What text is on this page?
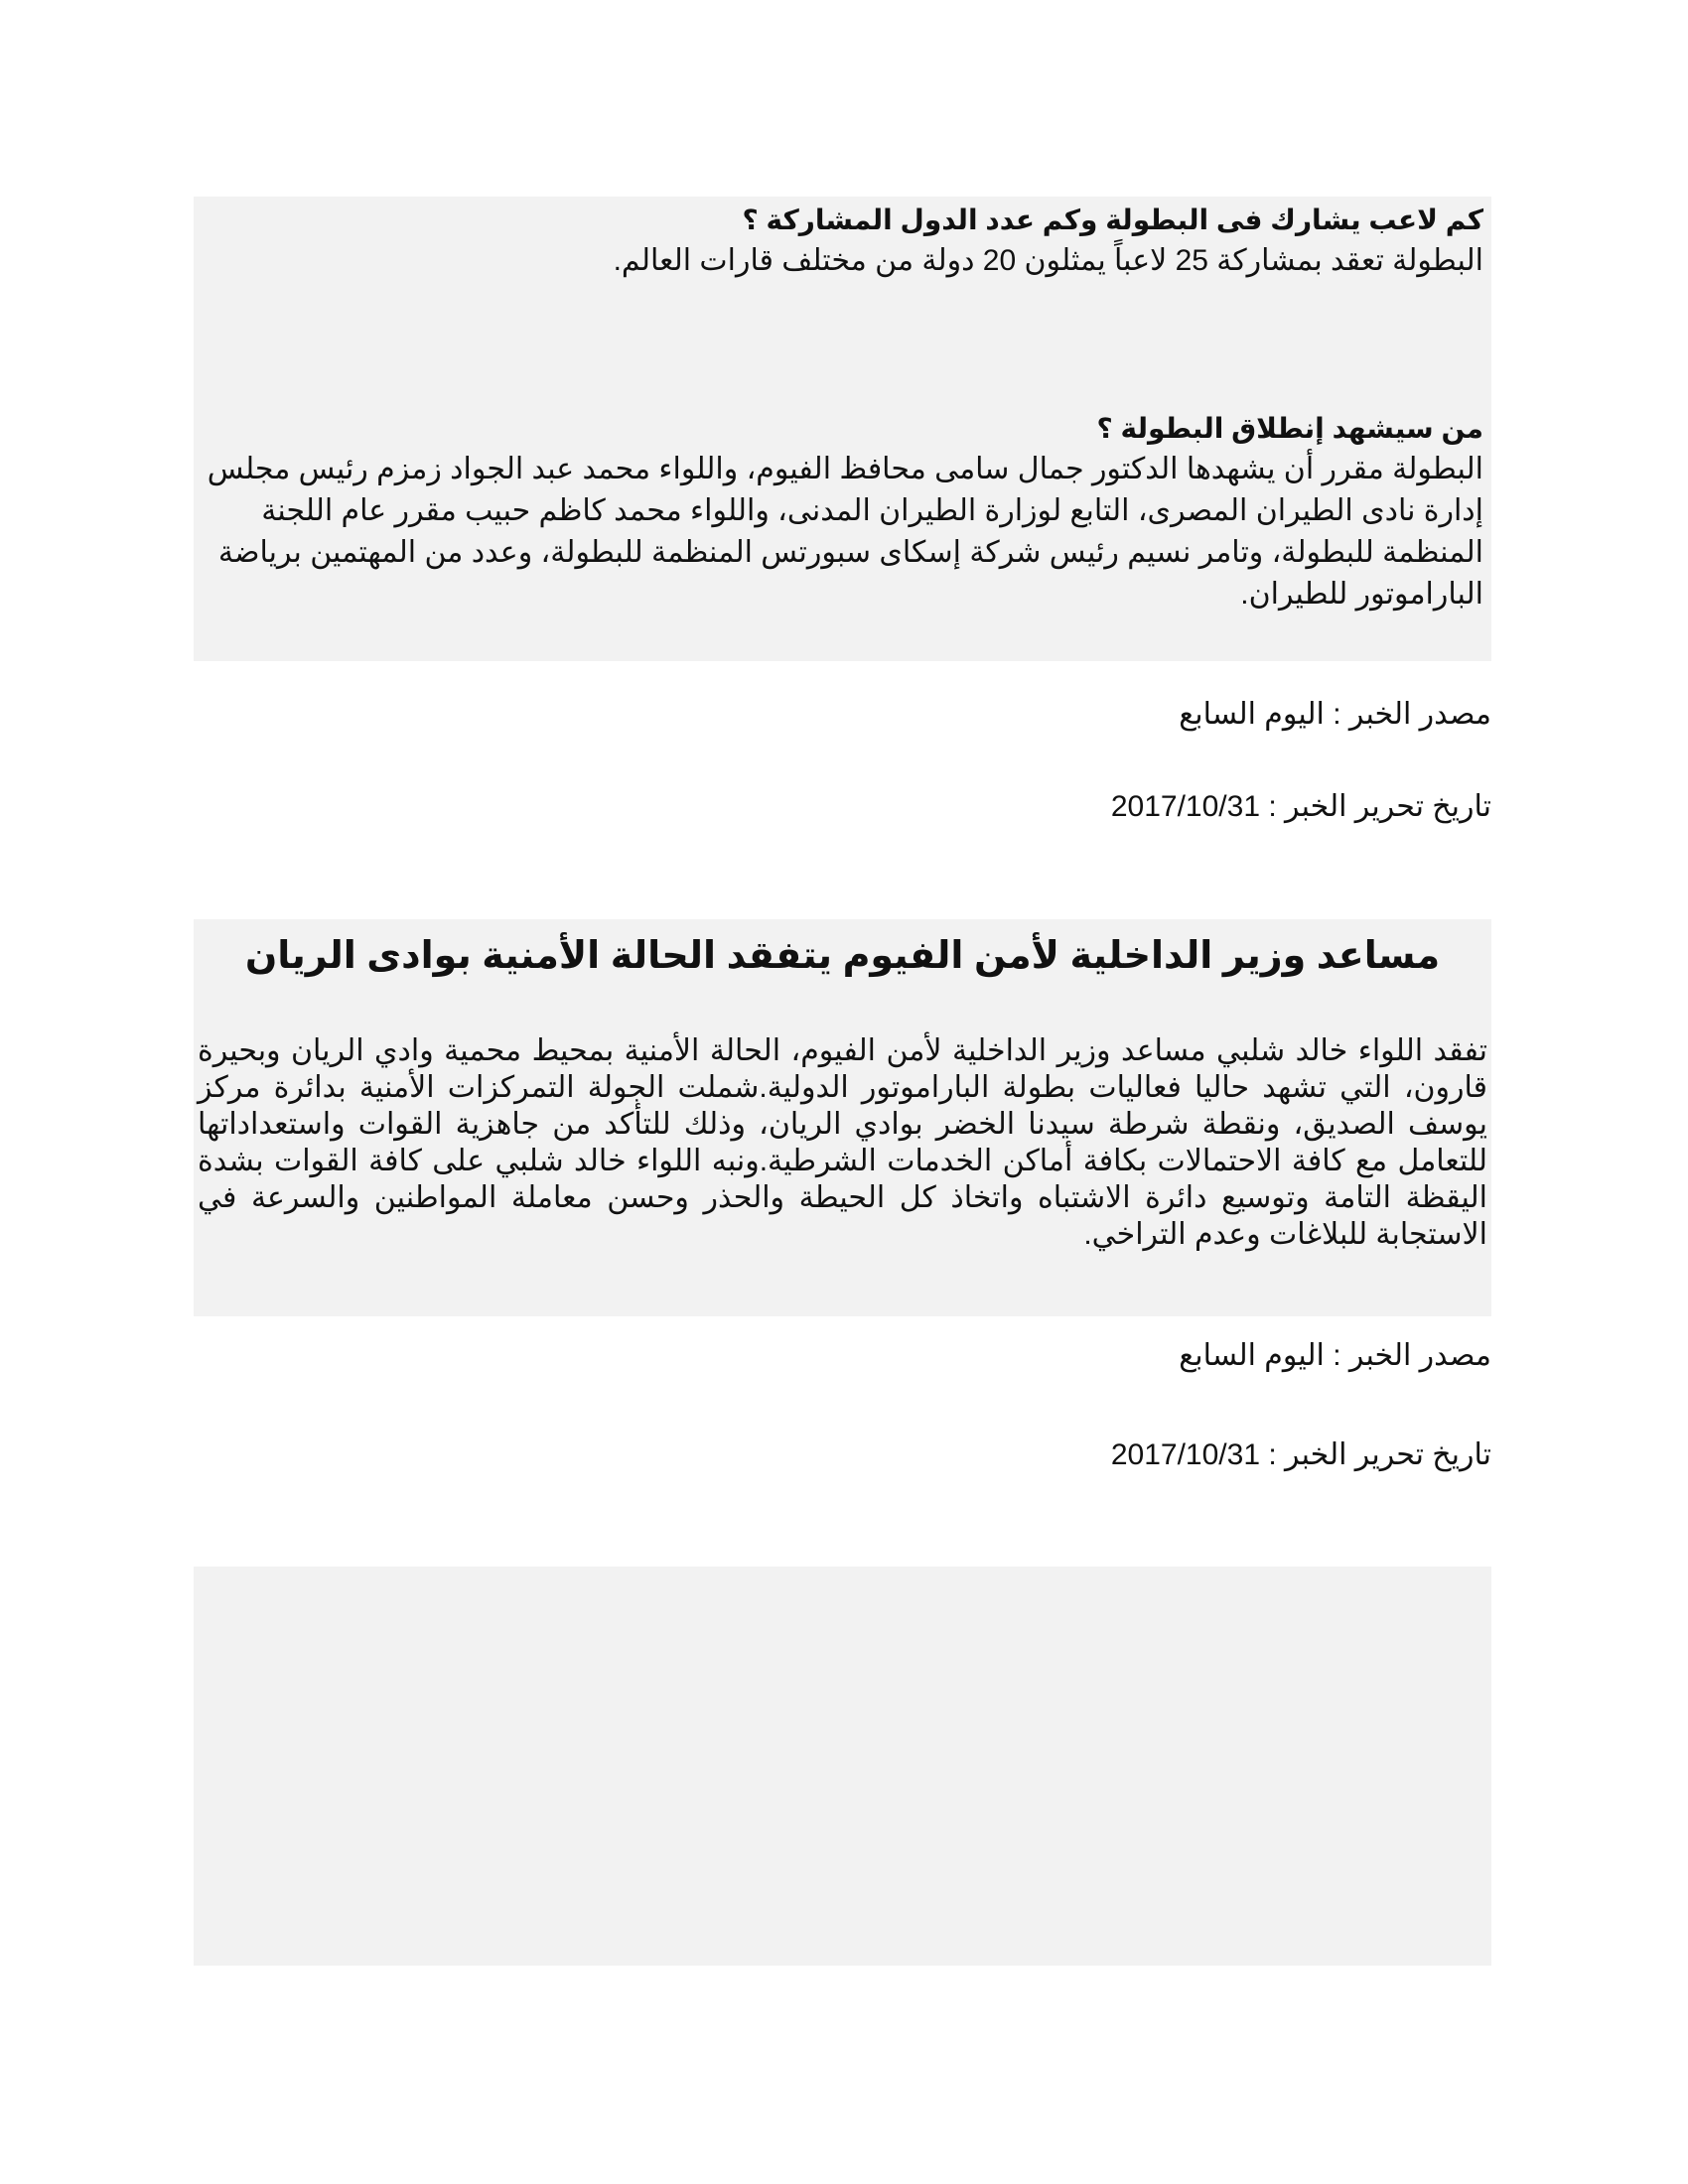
كم لاعب يشارك فى البطولة وكم عدد الدول المشاركة ؟

البطولة تعقد بمشاركة 25 لاعباً يمثلون 20 دولة من مختلف قارات العالم.

من سيشهد إنطلاق البطولة ؟

البطولة مقرر أن يشهدها الدكتور جمال سامى محافظ الفيوم، واللواء محمد عبد الجواد زمزم رئيس مجلس إدارة نادى الطيران المصرى، التابع لوزارة الطيران المدنى، واللواء محمد كاظم حبيب مقرر عام اللجنة المنظمة للبطولة، وتامر نسيم رئيس شركة إسكاى سبورتس المنظمة للبطولة، وعدد من المهتمين برياضة الباراموتور للطيران.

مصدر الخبر : اليوم السابع

تاريخ تحرير الخبر : 2017/10/31

مساعد وزير الداخلية لأمن الفيوم يتفقد الحالة الأمنية بوادى الريان

تفقد اللواء خالد شلبي مساعد وزير الداخلية لأمن الفيوم، الحالة الأمنية بمحيط محمية وادي الريان وبحيرة قارون، التي تشهد حاليا فعاليات بطولة الباراموتور الدولية.شملت الجولة التمركزات الأمنية بدائرة مركز يوسف الصديق، ونقطة شرطة سيدنا الخضر بوادي الريان، وذلك للتأكد من جاهزية القوات واستعداداتها للتعامل مع كافة الاحتمالات بكافة أماكن الخدمات الشرطية.ونبه اللواء خالد شلبي على كافة القوات بشدة اليقظة التامة وتوسيع دائرة الاشتباه واتخاذ كل الحيطة والحذر وحسن معاملة المواطنين والسرعة في الاستجابة للبلاغات وعدم التراخي.

مصدر الخبر : اليوم السابع

تاريخ تحرير الخبر : 2017/10/31
